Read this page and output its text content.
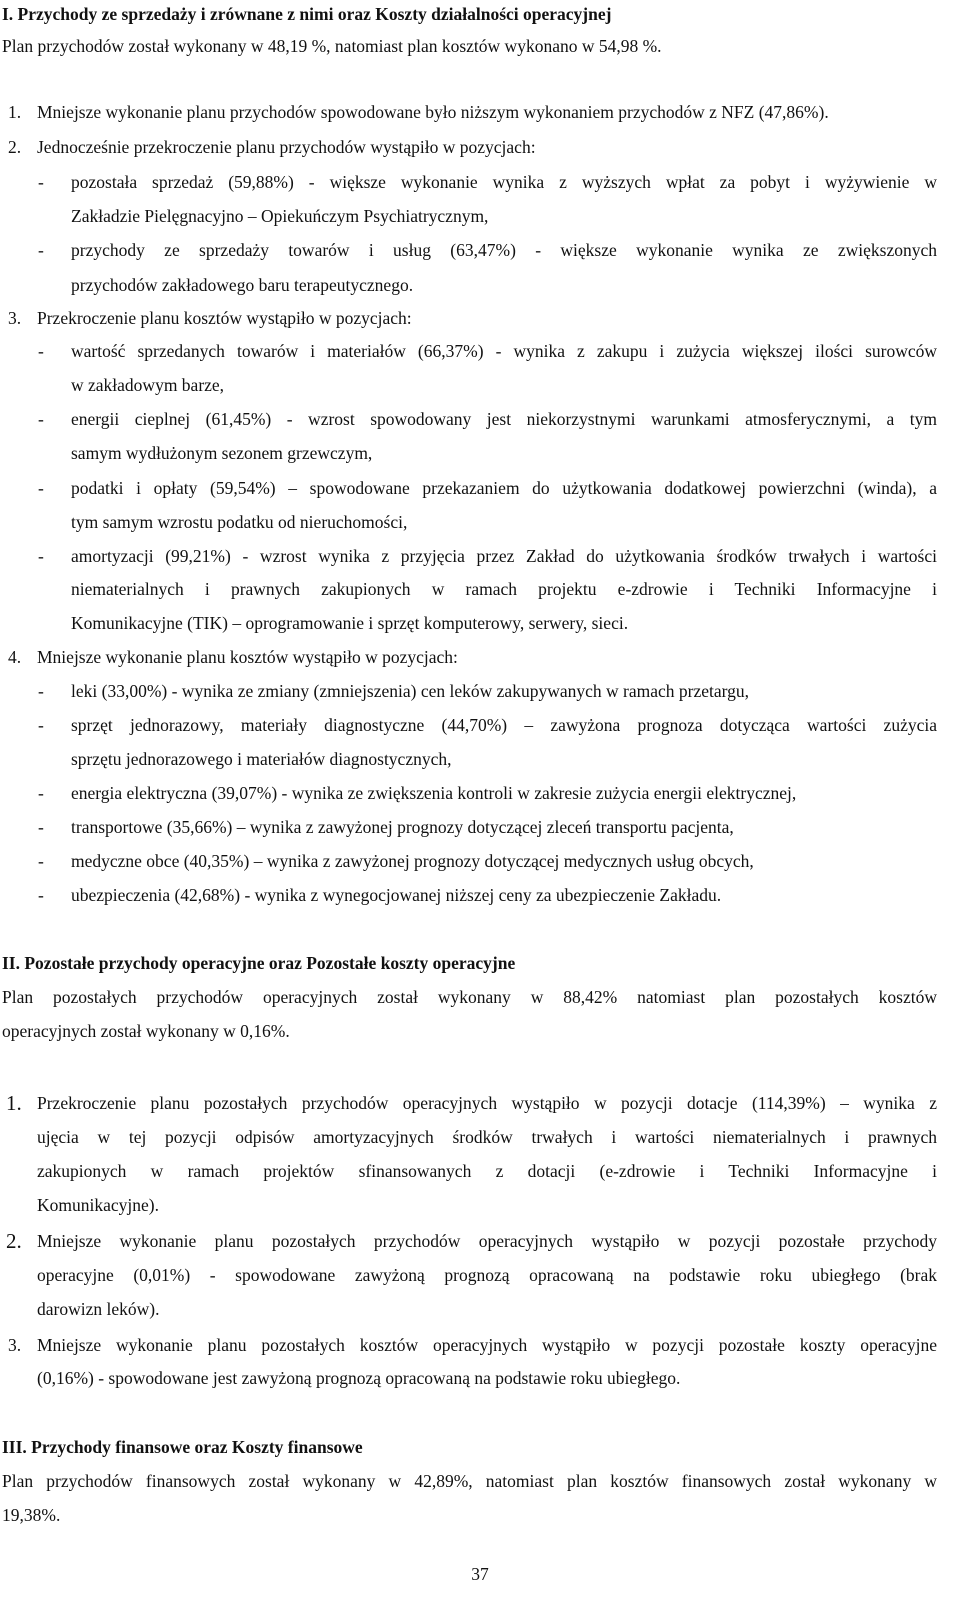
I. Przychody ze sprzedaży i zrównane z nimi oraz Koszty działalności operacyjnej
Plan przychodów został wykonany w 48,19 %, natomiast plan kosztów wykonano w 54,98 %.
1. Mniejsze wykonanie planu przychodów spowodowane było niższym wykonaniem przychodów z NFZ (47,86%).
2. Jednocześnie przekroczenie planu przychodów wystąpiło w pozycjach:
- pozostała sprzedaż (59,88%) - większe wykonanie wynika z wyższych wpłat za pobyt i wyżywienie w
Zakładzie Pielęgnacyjno – Opiekuńczym Psychiatrycznym,
- przychody ze sprzedaży towarów i usług (63,47%) - większe wykonanie wynika ze zwiększonych
przychodów zakładowego baru terapeutycznego.
3. Przekroczenie planu kosztów wystąpiło w pozycjach:
- wartość sprzedanych towarów i materiałów (66,37%) - wynika z zakupu i zużycia większej ilości surowców
w zakładowym barze,
- energii cieplnej (61,45%) - wzrost spowodowany jest niekorzystnymi warunkami atmosferycznymi, a tym
samym wydłużonym sezonem grzewczym,
- podatki i opłaty (59,54%) – spowodowane przekazaniem do użytkowania dodatkowej powierzchni (winda), a
tym samym wzrostu podatku od nieruchomości,
- amortyzacji (99,21%) - wzrost wynika z przyjęcia przez Zakład do użytkowania środków trwałych i wartości
niematerialnych i prawnych zakupionych w ramach projektu e-zdrowie i Techniki Informacyjne i
Komunikacyjne (TIK) – oprogramowanie i sprzęt komputerowy, serwery, sieci.
4. Mniejsze wykonanie planu kosztów wystąpiło w pozycjach:
- leki (33,00%) - wynika ze zmiany (zmniejszenia) cen leków zakupywanych w ramach przetargu,
- sprzęt jednorazowy, materiały diagnostyczne (44,70%) – zawyżona prognoza dotycząca wartości zużycia
sprzętu jednorazowego i materiałów diagnostycznych,
- energia elektryczna (39,07%) - wynika ze zwiększenia kontroli w zakresie zużycia energii elektrycznej,
- transportowe (35,66%) – wynika z zawyżonej prognozy dotyczącej zleceń transportu pacjenta,
- medyczne obce (40,35%) – wynika z zawyżonej prognozy dotyczącej medycznych usług obcych,
- ubezpieczenia (42,68%) - wynika z wynegocjowanej niższej ceny za ubezpieczenie Zakładu.
II. Pozostałe przychody operacyjne oraz Pozostałe koszty operacyjne
Plan pozostałych przychodów operacyjnych został wykonany w 88,42% natomiast plan pozostałych kosztów
operacyjnych został wykonany w 0,16%.
1. Przekroczenie planu pozostałych przychodów operacyjnych wystąpiło w pozycji dotacje (114,39%) – wynika z
ujęcia w tej pozycji odpisów amortyzacyjnych środków trwałych i wartości niematerialnych i prawnych
zakupionych w ramach projektów sfinansowanych z dotacji (e-zdrowie i Techniki Informacyjne i
Komunikacyjne).
2. Mniejsze wykonanie planu pozostałych przychodów operacyjnych wystąpiło w pozycji pozostałe przychody
operacyjne (0,01%) - spowodowane zawyżoną prognozą opracowaną na podstawie roku ubiegłego (brak
darowizn leków).
3. Mniejsze wykonanie planu pozostałych kosztów operacyjnych wystąpiło w pozycji pozostałe koszty operacyjne
(0,16%) - spowodowane jest zawyżoną prognozą opracowaną na podstawie roku ubiegłego.
III. Przychody finansowe oraz Koszty finansowe
Plan przychodów finansowych został wykonany w 42,89%, natomiast plan kosztów finansowych został wykonany w
19,38%.
37
